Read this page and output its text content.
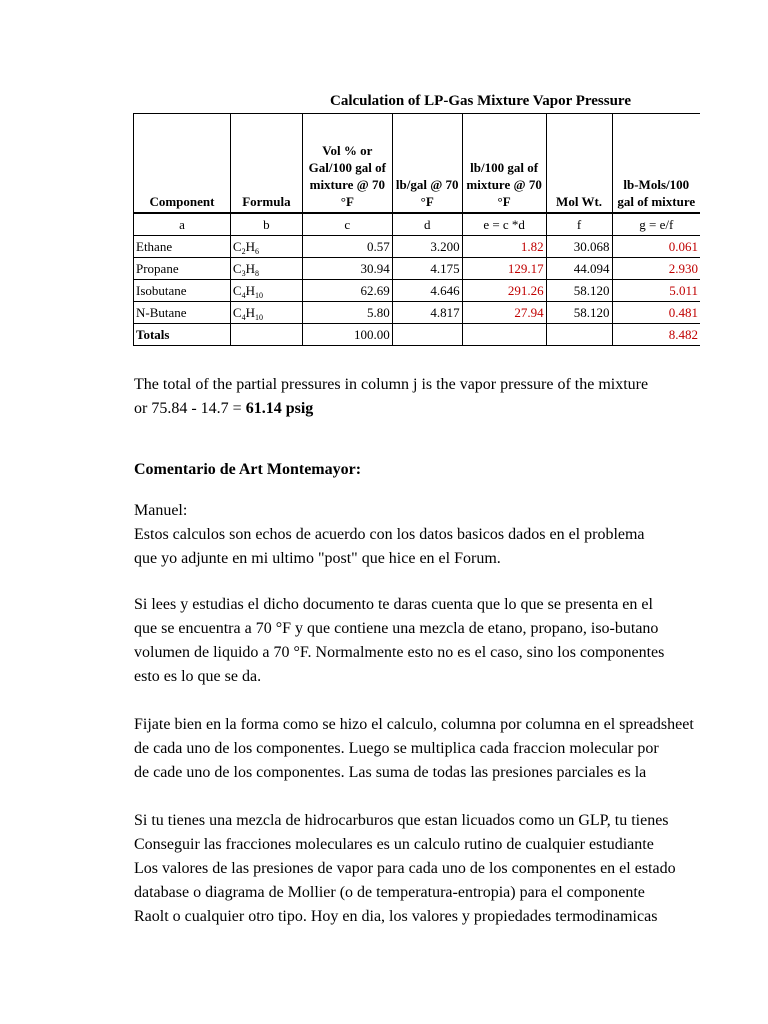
Calculation of LP-Gas Mixture Vapor Pressure
Component	Formula	Vol % or Gal/100 gal of mixture @ 70 °F	lb/gal @ 70 °F	lb/100 gal of mixture @ 70 °F	Mol Wt.	lb-Mols/100 gal of mixture
a	b	c	d	e = c *d	f	g = e/f
Ethane	$C_2H_6$	0.57	3.200	1.82	30.068	0.061
Propane	$C_3H_8$	30.94	4.175	129.17	44.094	2.930
Isobutane	$C_4H_{10}$	62.69	4.646	291.26	58.120	5.011
N-Butane	$C_4H_{10}$	5.80	4.817	27.94	58.120	0.481
Totals		100.00				8.482
The total of the partial pressures in column j is the vapor pressure of the mixture
or 75.84 - 14.7 = 61.14 psig
Comentario de Art Montemayor:
Manuel:
Estos calculos son echos de acuerdo con los datos basicos dados en el problema
que yo adjunte en mi ultimo "post" que hice en el Forum.
Si lees y estudias el dicho documento te daras cuenta que lo que se presenta en el
que se encuentra a 70 °F y que contiene una mezcla de etano, propano, iso-butano
volumen de liquido a 70 °F. Normalmente esto no es el caso, sino los componentes
esto es lo que se da.
Fijate bien en la forma como se hizo el calculo, columna por columna en el spreadsheet
de cada uno de los componentes. Luego se multiplica cada fraccion molecular por
de cade uno de los componentes. Las suma de todas las presiones parciales es la
Si tu tienes una mezcla de hidrocarburos que estan licuados como un GLP, tu tienes
Conseguir las fracciones moleculares es un calculo rutino de cualquier estudiante
Los valores de las presiones de vapor para cada uno de los componentes en el estado
database o diagrama de Mollier (o de temperatura-entropia) para el componente
Raolt o cualquier otro tipo. Hoy en dia, los valores y propiedades termodinamicas
